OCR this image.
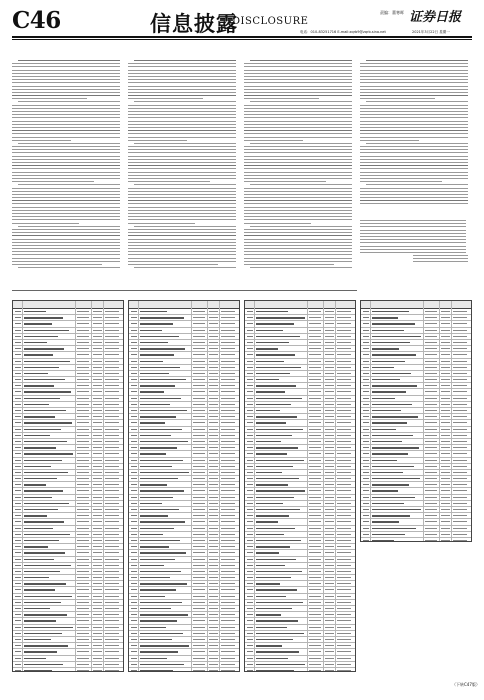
C46	信息披露
DISCLOSURE
责编：董寒晖 证券日报
电话：010-83251716 E-mail:zqrb9@zqrb.sina.net	2021年3月22日 星期一
（下转C47版）
